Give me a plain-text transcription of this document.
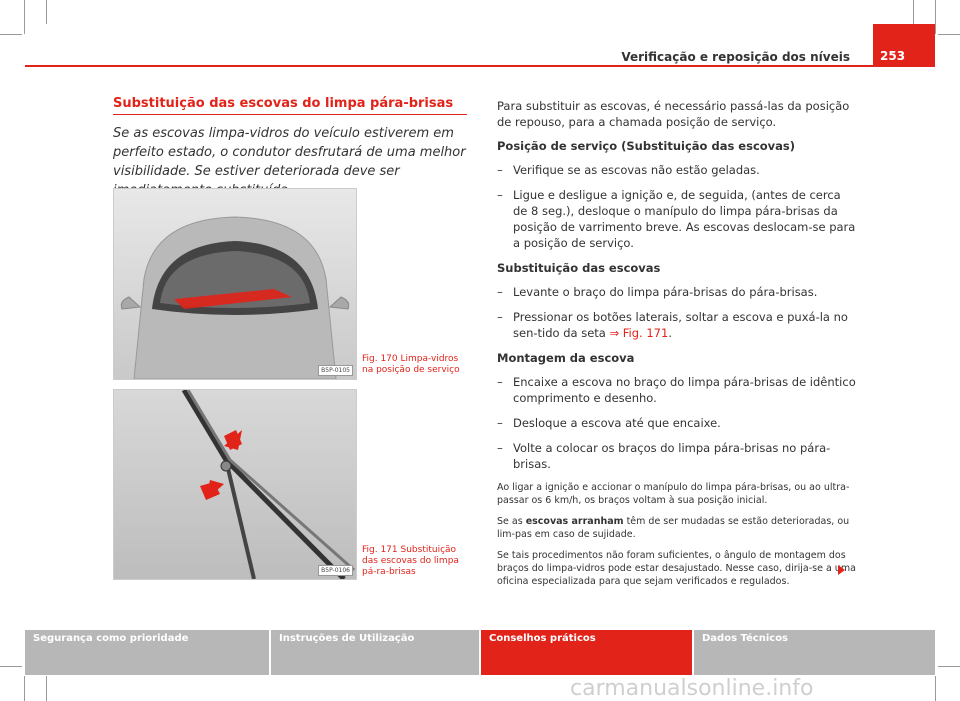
Verificação e reposição dos níveis	253
Substituição das escovas do limpa pára-brisas
Se as escovas limpa-vidros do veículo estiverem em perfeito estado, o condutor desfrutará de uma melhor visibilidade. Se estiver deteriorada deve ser
B5P-0105
Fig. 170 Limpa-vidros na posição de serviço
B5P-0106
Fig. 171 Substituição das escovas do limpa pá-ra-brisas

Para substituir as escovas, é necessário passá-las da posição de repouso, para a chamada posição de serviço.

Posição de serviço (Substituição das escovas)

– Verifique se as escovas não estão geladas.
– Ligue e desligue a ignição e, de seguida, (antes de cerca de 8 seg.), desloque o manípulo do limpa pára-brisas da posição de varrimento breve. As escovas deslocam-se para a posição de serviço.

Substituição das escovas

– Levante o braço do limpa pára-brisas do pára-brisas.
– Pressionar os botões laterais, soltar a escova e puxá-la no sen-tido da seta ⇒ Fig. 171.

Montagem da escova

– Encaixe a escova no braço do limpa pára-brisas de idêntico comprimento e desenho.
– Desloque a escova até que encaixe.
– Volte a colocar os braços do limpa pára-brisas no pára-brisas.

Ao ligar a ignição e accionar o manípulo do limpa pára-brisas, ou ao ultra-passar os 6 km/h, os braços voltam à sua posição inicial.

Se as escovas arranham têm de ser mudadas se estão deterioradas, ou lim-pas em caso de sujidade.

Se tais procedimentos não foram suficientes, o ângulo de montagem dos braços do limpa-vidros pode estar desajustado. Nesse caso, dirija-se a uma oficina especializada para que sejam verificados e regulados.

Segurança como prioridade	Instruções de Utilização	Conselhos práticos	Dados Técnicos
carmanualsonline.info
